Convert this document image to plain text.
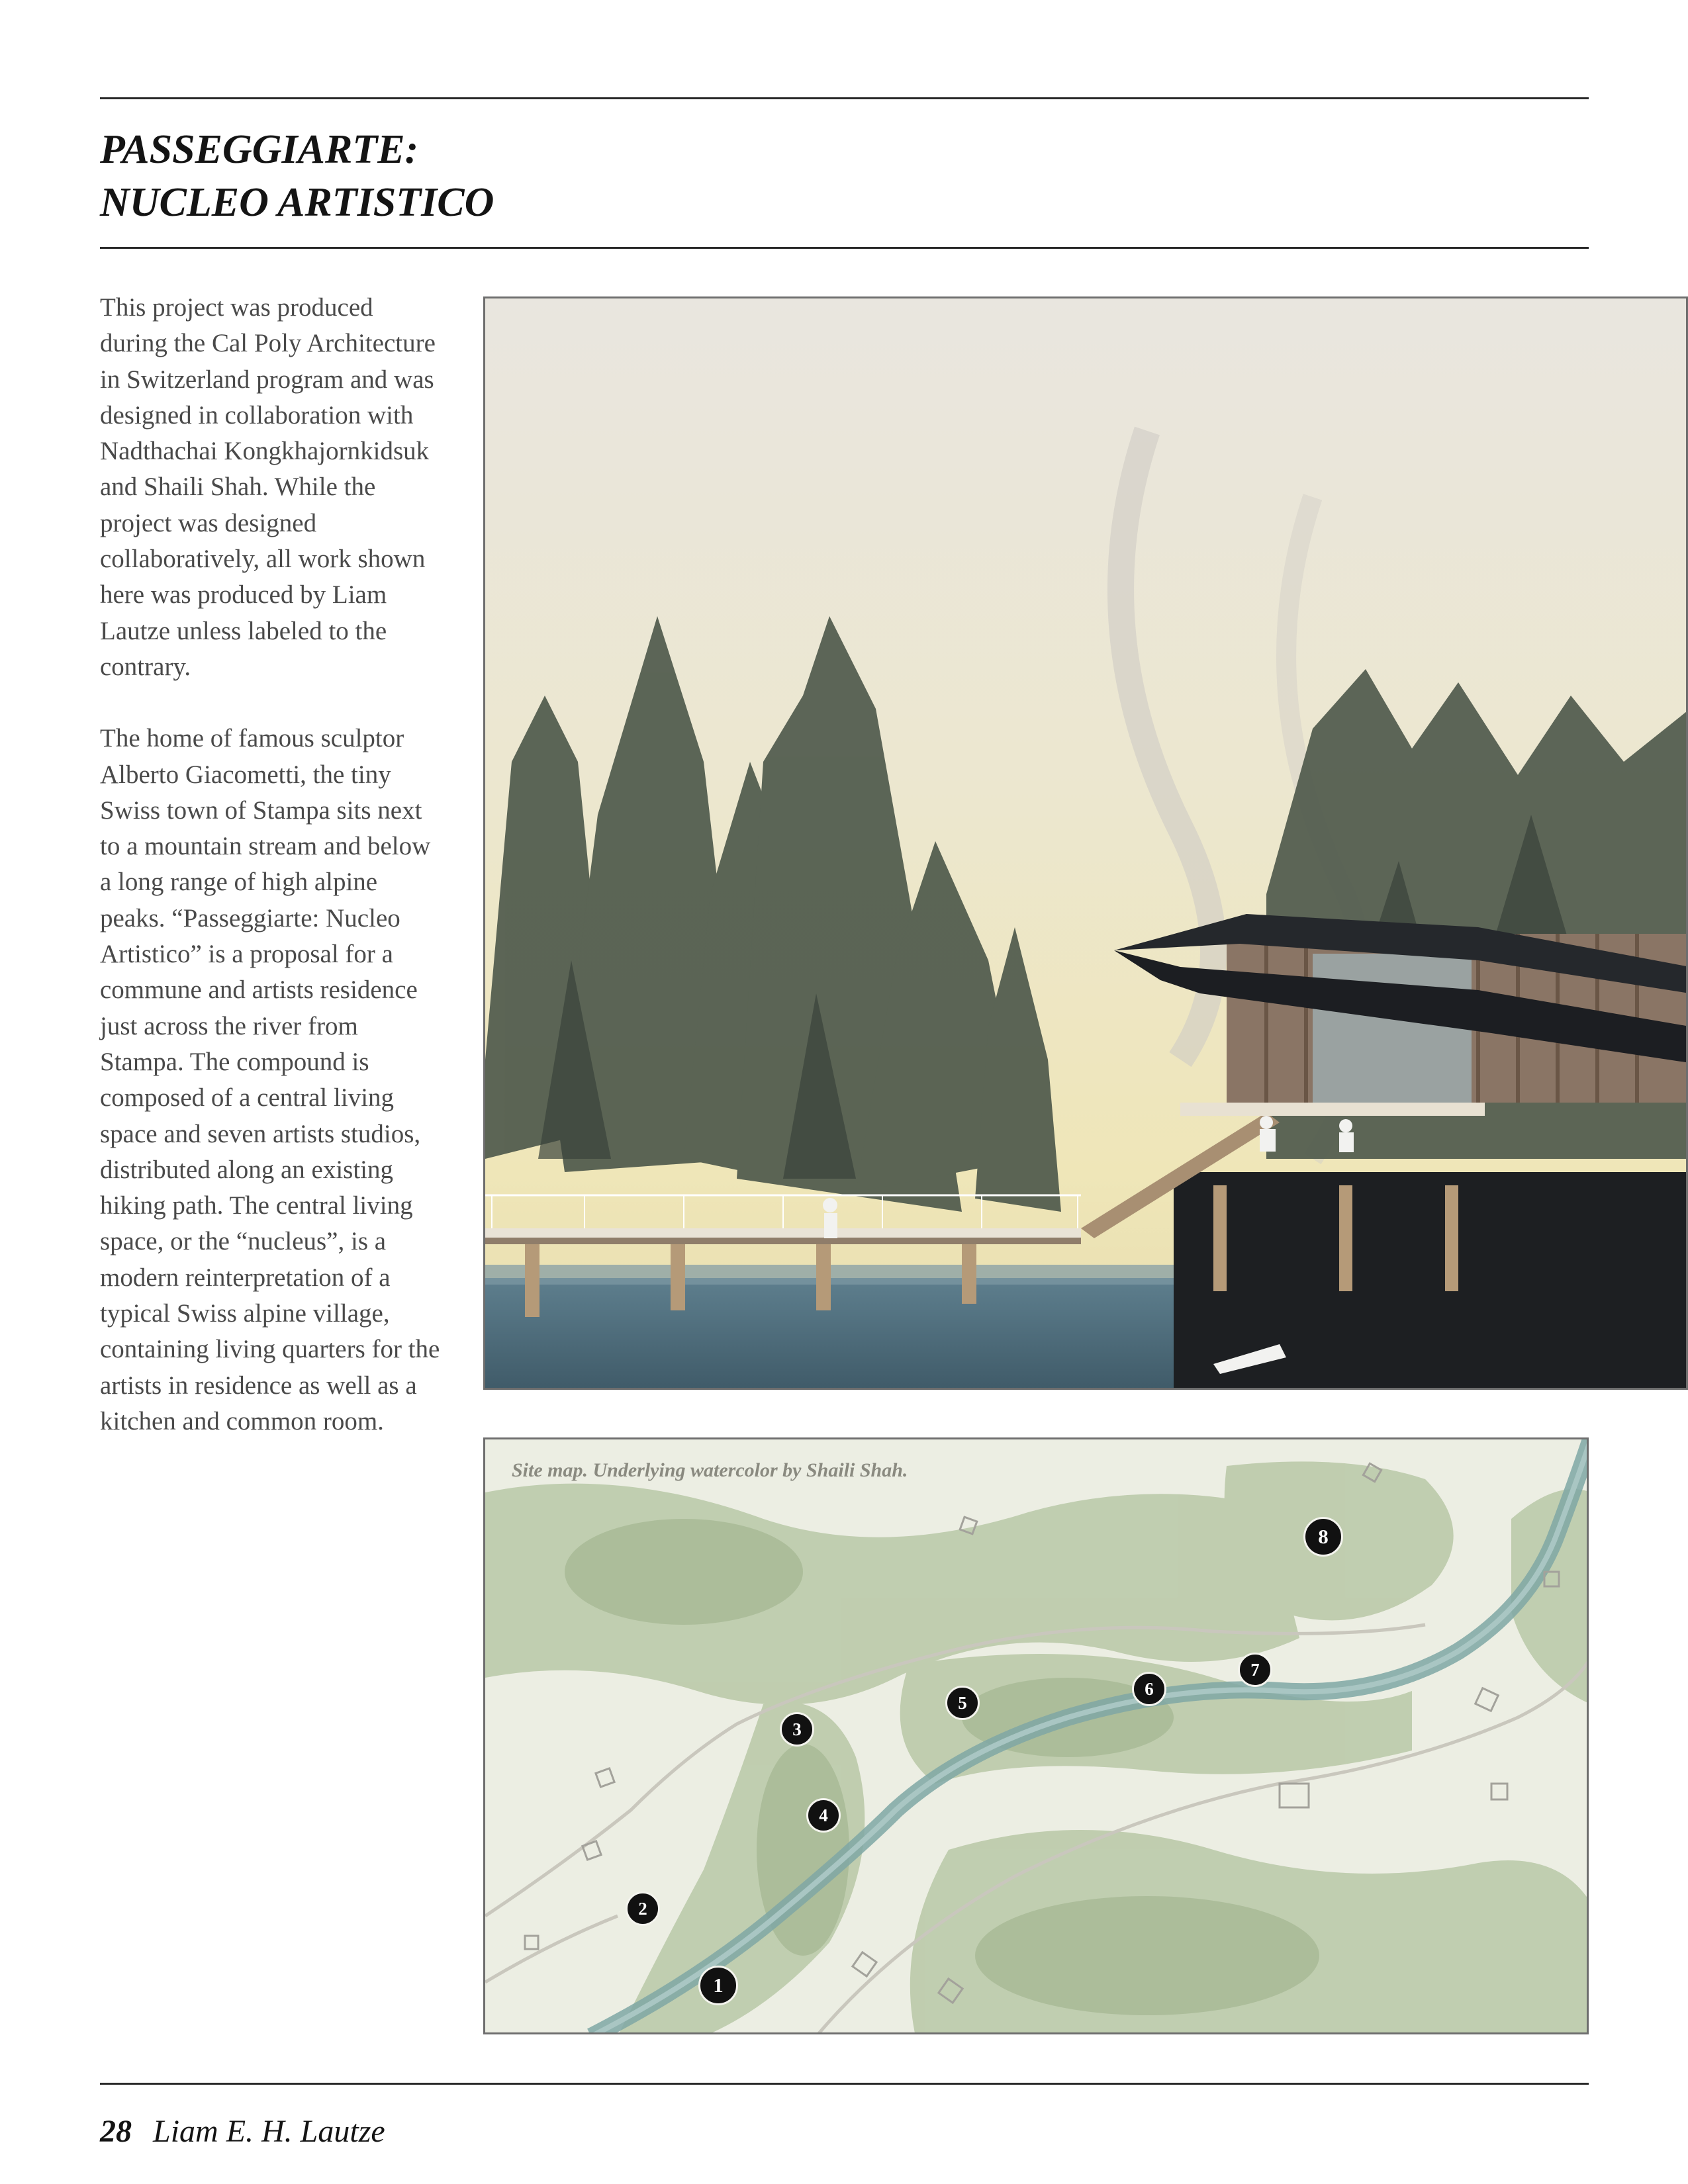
PASSEGGIARTE:
NUCLEO ARTISTICO

This project was produced during the Cal Poly Architecture in Switzerland program and was designed in collaboration with Nadthachai Kongkhajornkidsuk and Shaili Shah. While the project was designed collaboratively, all work shown here was produced by Liam Lautze unless labeled to the contrary.

The home of famous sculptor Alberto Giacometti, the tiny Swiss town of Stampa sits next to a mountain stream and below a long range of high alpine peaks. “Passeggiarte: Nucleo Artistico” is a proposal for a commune and artists residence just across the river from Stampa. The compound is composed of a central living space and seven artists studios, distributed along an existing hiking path. The central living space, or the “nucleus”, is a modern reinterpretation of a typical Swiss alpine village, containing living quarters for the artists in residence as well as a kitchen and common room.

Site map. Underlying watercolor by Shaili Shah.
1
2
3
4
5
6
7
8
28 Liam E. H. Lautze
